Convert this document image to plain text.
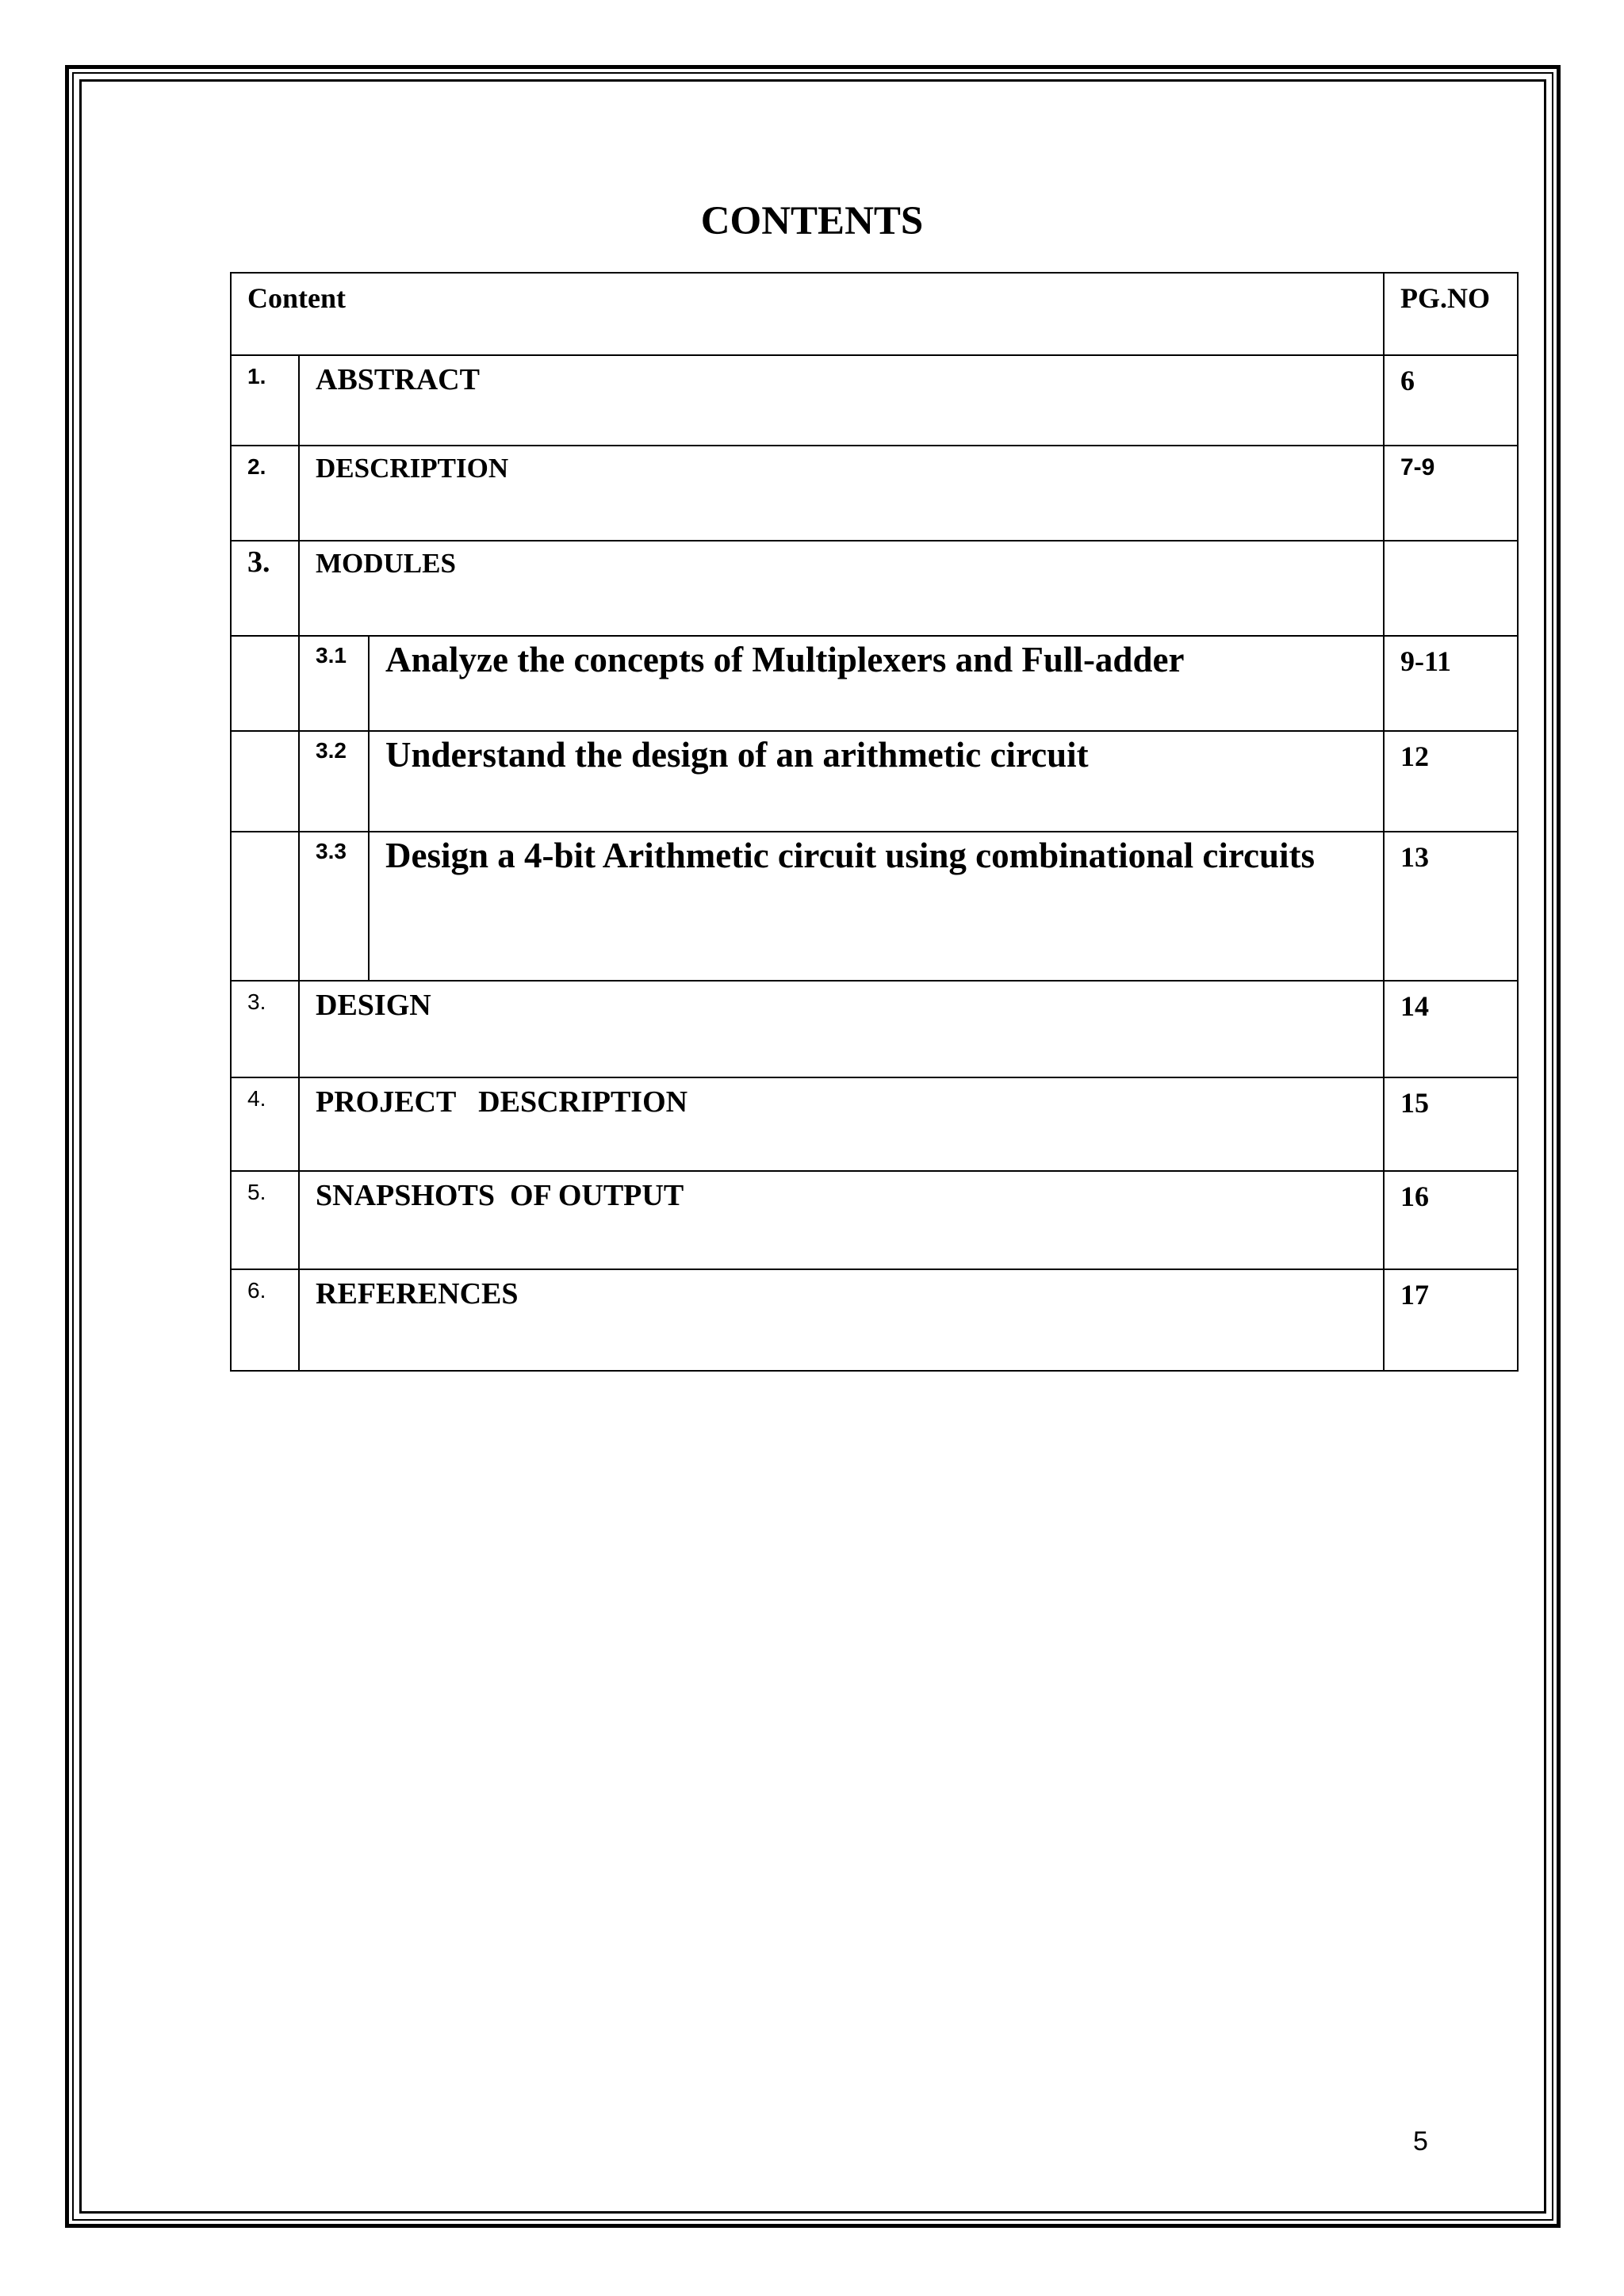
CONTENTS
Content			PG.NO

1.	ABSTRACT		6

2.	DESCRIPTION		7-9

3.	MODULES		

	3.1	Analyze the concepts of Multiplexers and Full-adder	9-11

	3.2	Understand the design of an arithmetic circuit	12

	3.3	Design a 4-bit Arithmetic circuit using combinational circuits	13

3.	DESIGN		14

4.	PROJECT   DESCRIPTION		15

5.	SNAPSHOTS  OF OUTPUT		16

6.	REFERENCES		17
5
